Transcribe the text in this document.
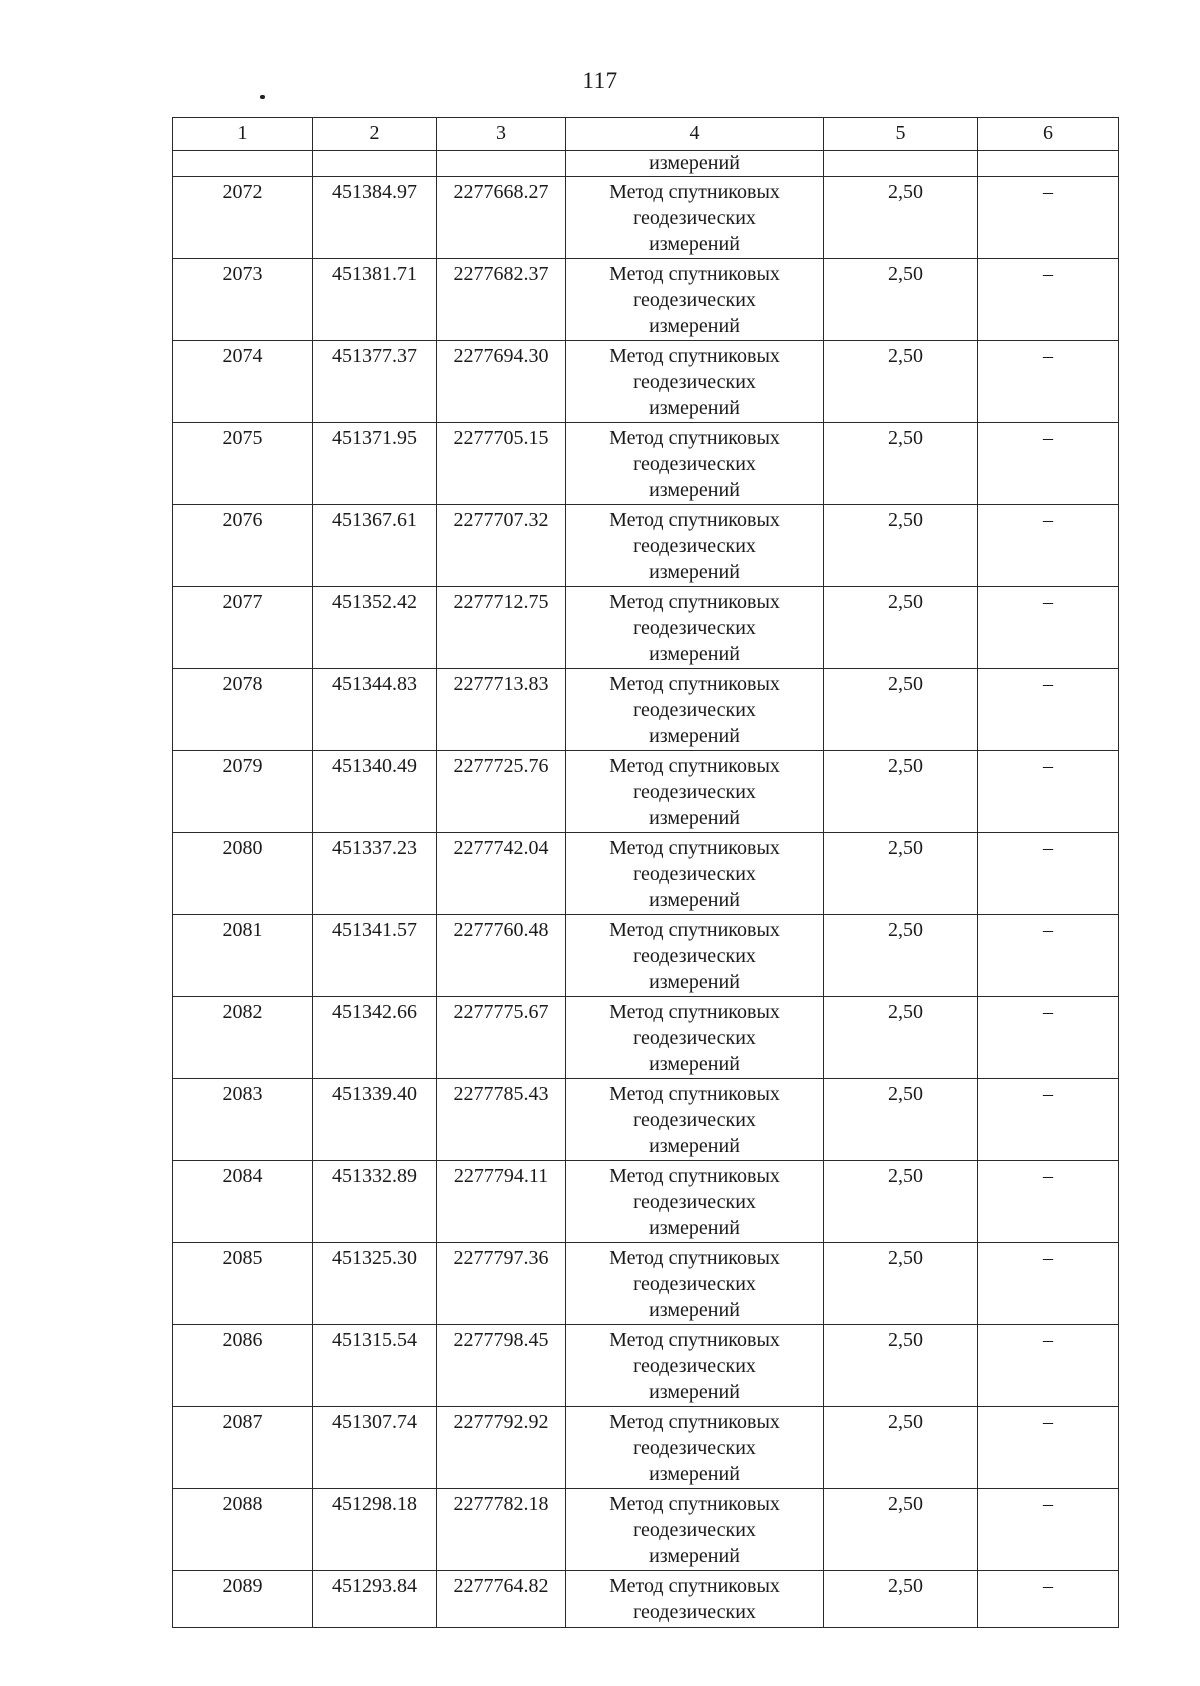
117
1	2	3	4	5	6
			измерений		
2072	451384.97	2277668.27	Метод спутниковых
геодезических
измерений	2,50	–
2073	451381.71	2277682.37	Метод спутниковых
геодезических
измерений	2,50	–
2074	451377.37	2277694.30	Метод спутниковых
геодезических
измерений	2,50	–
2075	451371.95	2277705.15	Метод спутниковых
геодезических
измерений	2,50	–
2076	451367.61	2277707.32	Метод спутниковых
геодезических
измерений	2,50	–
2077	451352.42	2277712.75	Метод спутниковых
геодезических
измерений	2,50	–
2078	451344.83	2277713.83	Метод спутниковых
геодезических
измерений	2,50	–
2079	451340.49	2277725.76	Метод спутниковых
геодезических
измерений	2,50	–
2080	451337.23	2277742.04	Метод спутниковых
геодезических
измерений	2,50	–
2081	451341.57	2277760.48	Метод спутниковых
геодезических
измерений	2,50	–
2082	451342.66	2277775.67	Метод спутниковых
геодезических
измерений	2,50	–
2083	451339.40	2277785.43	Метод спутниковых
геодезических
измерений	2,50	–
2084	451332.89	2277794.11	Метод спутниковых
геодезических
измерений	2,50	–
2085	451325.30	2277797.36	Метод спутниковых
геодезических
измерений	2,50	–
2086	451315.54	2277798.45	Метод спутниковых
геодезических
измерений	2,50	–
2087	451307.74	2277792.92	Метод спутниковых
геодезических
измерений	2,50	–
2088	451298.18	2277782.18	Метод спутниковых
геодезических
измерений	2,50	–
2089	451293.84	2277764.82	Метод спутниковых
геодезических	2,50	–
